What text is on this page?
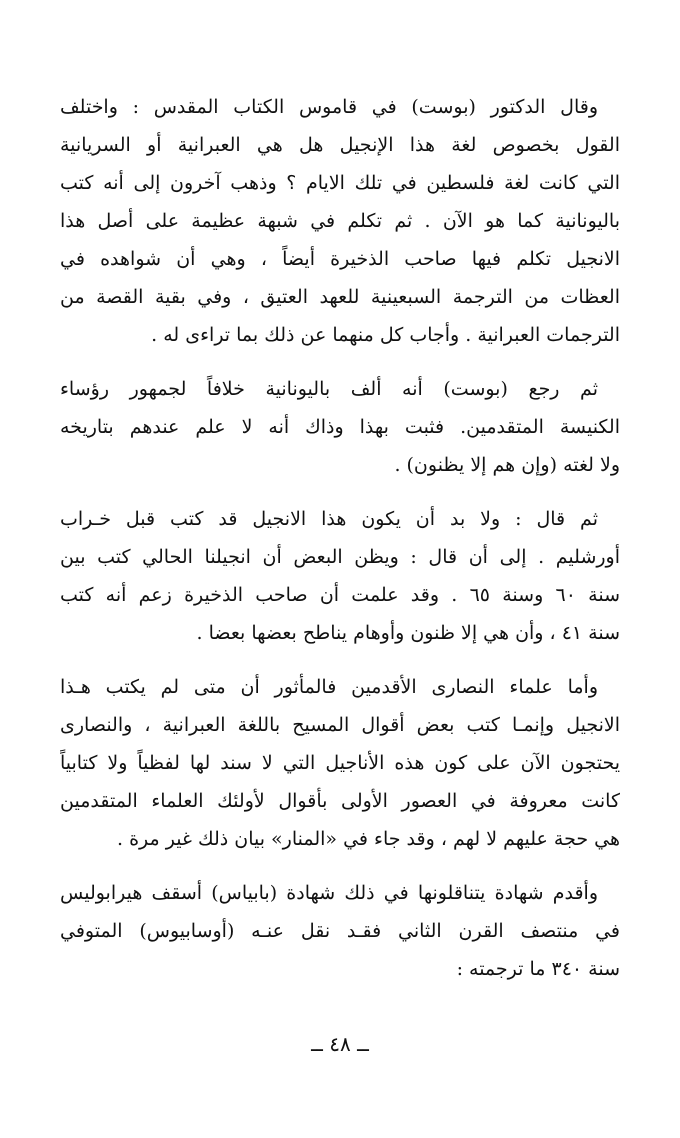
وقال الدكتور (بوست) في قاموس الكتاب المقدس : واختلف
القول بخصوص لغة هذا الإنجيل هل هي العبرانية أو السريانية
التي كانت لغة فلسطين في تلك الايام ؟ وذهب آخرون إلى أنه كتب
باليونانية كما هو الآن . ثم تكلم في شبهة عظيمة على أصل هذا
الانجيل تكلم فيها صاحب الذخيرة أيضاً ، وهي أن شواهده في
العظات من الترجمة السبعينية للعهد العتيق ، وفي بقية القصة من
الترجمات العبرانية . وأجاب كل منهما عن ذلك بما تراءى له .

ثم رجع (بوست) أنه ألف باليونانية خلافاً لجمهور رؤساء
الكنيسة المتقدمين. فثبت بهذا وذاك أنه لا علم عندهم بتاريخه
ولا لغته (وإن هم إلا يظنون) .

ثم قال : ولا بد أن يكون هذا الانجيل قد كتب قبل خـراب
أورشليم . إلى أن قال : ويظن البعض أن انجيلنا الحالي كتب بين
سنة ٦٠ وسنة ٦٥ . وقد علمت أن صاحب الذخيرة زعم أنه كتب
سنة ٤١ ، وأن هي إلا ظنون وأوهام يناطح بعضها بعضا .

وأما علماء النصارى الأقدمين فالمأثور أن متى لم يكتب هـذا
الانجيل وإنمـا كتب بعض أقوال المسيح باللغة العبرانية ، والنصارى
يحتجون الآن على كون هذه الأناجيل التي لا سند لها لفظياً ولا كتابياً
كانت معروفة في العصور الأولى بأقوال لأولئك العلماء المتقدمين
هي حجة عليهم لا لهم ، وقد جاء في «المنار» بيان ذلك غير مرة .

وأقدم شهادة يتناقلونها في ذلك شهادة (بابياس) أسقف هيرابوليس
في منتصف القرن الثاني فقـد نقل عنـه (أوسابيوس) المتوفي
سنة ٣٤٠ ما ترجمته :

ــ ٤٨ ــ
